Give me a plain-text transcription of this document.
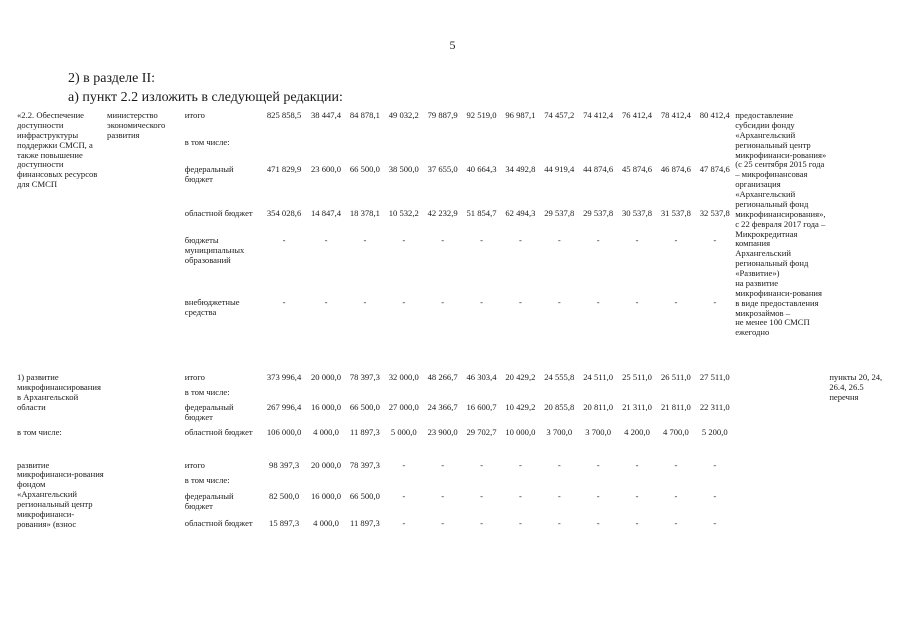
5
2) в разделе II:
а) пункт 2.2 изложить в следующей редакции:
«2.2. Обеспечение доступности инфраструктуры поддержки СМСП, а также повышение доступности финансовых ресурсов для СМСП	министерство экономического развития	итого	825 858,5	38 447,4	84 878,1	49 032,2	79 887,9	92 519,0	96 987,1	74 457,2	74 412,4	76 412,4	78 412,4	80 412,4	предоставление субсидии фонду «Архангельский региональный центр микрофинанси-рования»
(с 25 сентября 2015 года – микрофинансовая организация «Архангельский региональный фонд микрофинансирования», с 22 февраля 2017 года – Микрокредитная компания Архангельский региональный фонд «Развитие»)
на развитие микрофинанси-рования в виде предоставления микрозаймов –
не менее 100 СМСП ежегодно	
		в том числе:														
		федеральный бюджет	471 829,9	23 600,0	66 500,0	38 500,0	37 655,0	40 664,3	34 492,8	44 919,4	44 874,6	45 874,6	46 874,6	47 874,6		
		областной бюджет	354 028,6	14 847,4	18 378,1	10 532,2	42 232,9	51 854,7	62 494,3	29 537,8	29 537,8	30 537,8	31 537,8	32 537,8		
		бюджеты муниципальных образований	-	-	-	-	-	-	-	-	-	-	-	-		
		внебюджетные средства	-	-	-	-	-	-	-	-	-	-	-	-		

1) развитие микрофинансирования в Архангельской области		итого	373 996,4	20 000,0	78 397,3	32 000,0	48 266,7	46 303,4	20 429,2	24 555,8	24 511,0	25 511,0	26 511,0	27 511,0		пункты 20, 24, 26.4, 26.5 перечня
		в том числе:														
		федеральный бюджет	267 996,4	16 000,0	66 500,0	27 000,0	24 366,7	16 600,7	10 429,2	20 855,8	20 811,0	21 311,0	21 811,0	22 311,0		
в том числе:		областной бюджет	106 000,0	4 000,0	11 897,3	5 000,0	23 900,0	29 702,7	10 000,0	3 700,0	3 700,0	4 200,0	4 700,0	5 200,0		

развитие микрофинанси-рования фондом «Архангельский региональный центр микрофинанси-рования» (взнос		итого	98 397,3	20 000,0	78 397,3	-	-	-	-	-	-	-	-	-		
		в том числе:														
		федеральный бюджет	82 500,0	16 000,0	66 500,0	-	-	-	-	-	-	-	-	-		
		областной бюджет	15 897,3	4 000,0	11 897,3	-	-	-	-	-	-	-	-	-		
